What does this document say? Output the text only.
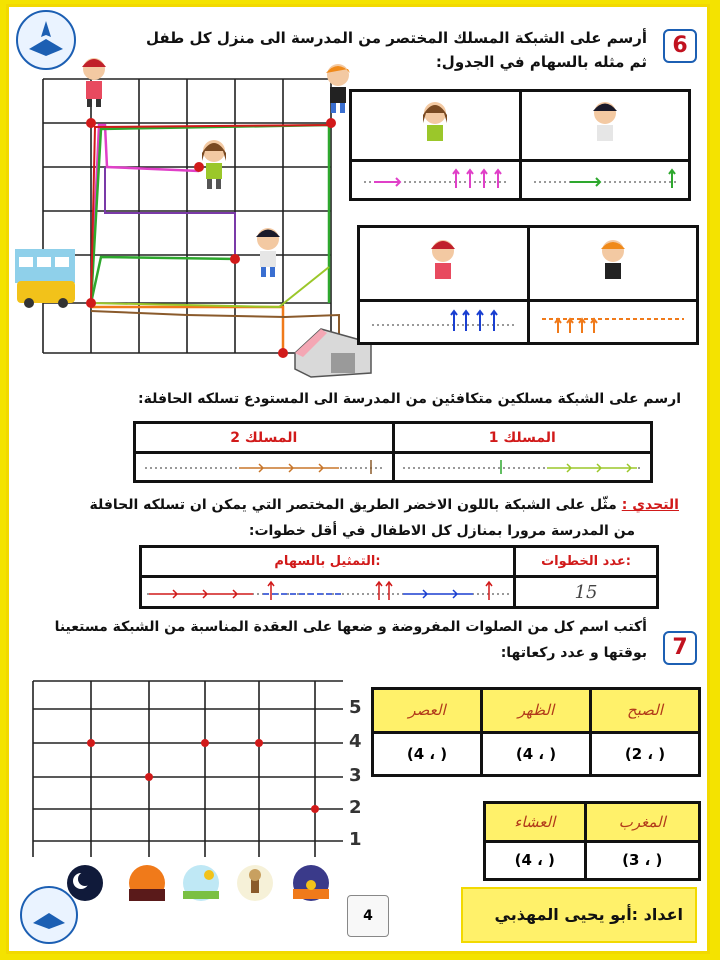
6
أرسم على الشبكة المسلك المختصر من المدرسة الى منزل كل طفل
ثم مثله بالسهام في الجدول:

ارسم على الشبكة مسلكين متكافئين من المدرسة الى المستودع تسلكه الحافلة:
المسلك 2	المسلك 1

التحدي : مثّل على الشبكة باللون الاخضر الطريق المختصر التي يمكن ان تسلكه الحافلة
من المدرسة مرورا بمنازل كل الاطفال في أقل خطوات:
التمثيل بالسهام:	عدد الخطوات:
	15
7
أكتب اسم كل من الصلوات المفروضة و ضعها على العقدة المناسبة من الشبكة مستعينا
بوقتها و عدد ركعاتها:
5
4
3
2
1
العصر	الظهر	الصبح
(4 ، )	(4 ، )	(2 ، )
العشاء	المغرب
(4 ، )	(3 ، )
4	اعداد :أبو يحيى المهذبي
